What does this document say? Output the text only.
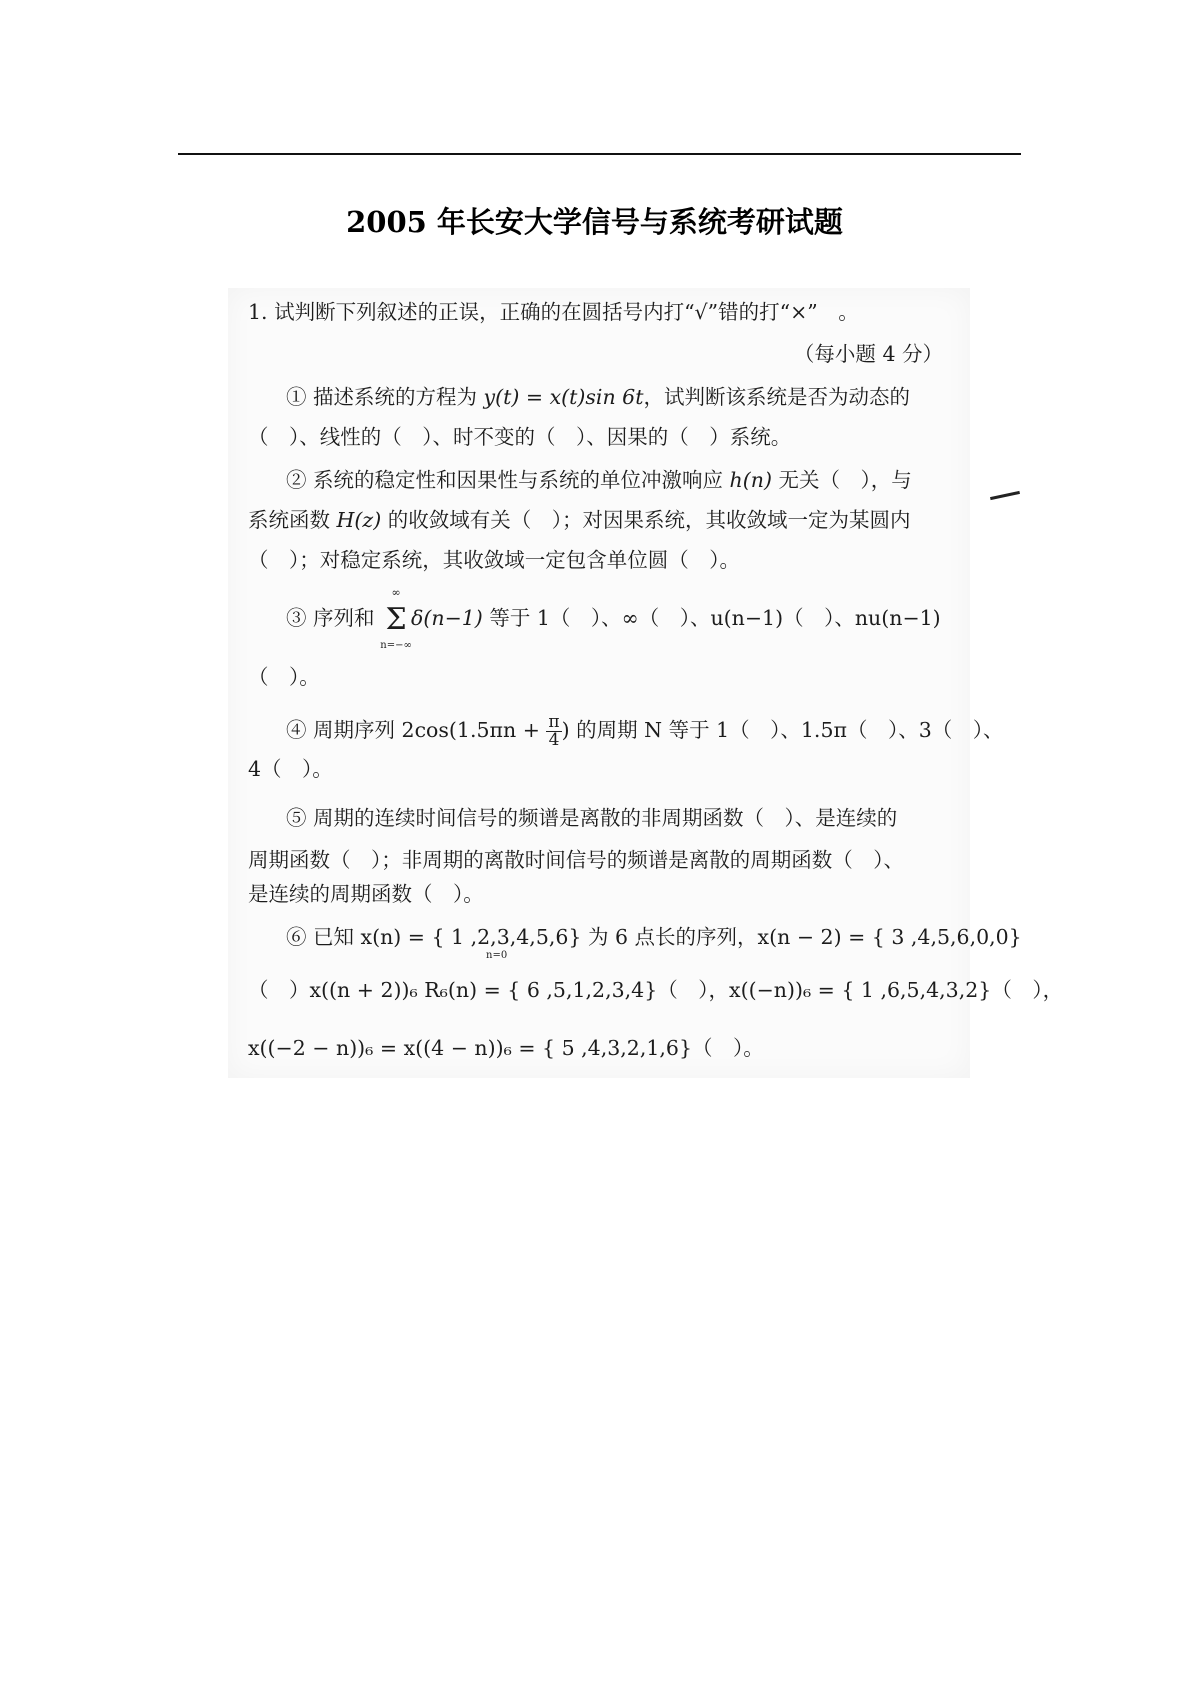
2005 年长安大学信号与系统考研试题
1. 试判断下列叙述的正误，正确的在圆括号内打“√”错的打“×”　。
（每小题 4 分）
① 描述系统的方程为 y(t) = x(t)sin 6t，试判断该系统是否为动态的
（　）、线性的（　）、时不变的（　）、因果的（　）系统。
② 系统的稳定性和因果性与系统的单位冲激响应 h(n) 无关（　），与
系统函数 H(z) 的收敛域有关（　）；对因果系统，其收敛域一定为某圆内
（　）；对稳定系统，其收敛域一定包含单位圆（　）。
③ 序列和
∞
Σ
n=−∞
δ(n−1) 等于 1（　）、∞（　）、u(n−1)（　）、nu(n−1)
（　）。
④ 周期序列 $2\cos(1.5\pi n + \frac{\pi}{4}$ ) 的周期 N 等于 1（　）、1.5π（　）、3（　）、
4（　）。
⑤ 周期的连续时间信号的频谱是离散的非周期函数（　）、是连续的
周期函数（　）；非周期的离散时间信号的频谱是离散的周期函数（　）、
是连续的周期函数（　）。
⑥ 已知 x(n) = { 1 ,2,3,4,5,6} 为 6 点长的序列，x(n − 2) = { 3 ,4,5,6,0,0}
n=0
（　）x((n + 2))₆ R₆(n) = { 6 ,5,1,2,3,4}（　），x((−n))₆ = { 1 ,6,5,4,3,2}（　），
x((−2 − n))₆ = x((4 − n))₆ = { 5 ,4,3,2,1,6}（　）。
